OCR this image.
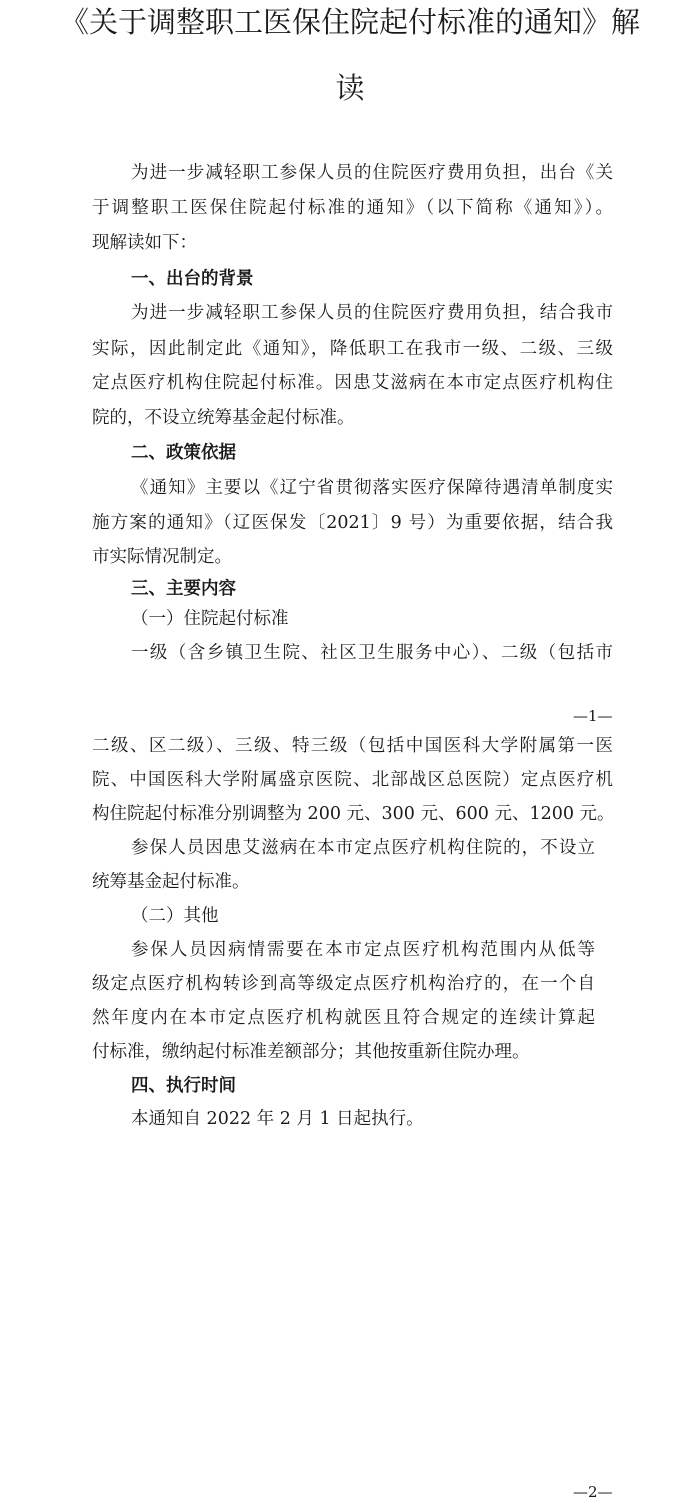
《关于调整职工医保住院起付标准的通知》解
读

为进一步减轻职工参保人员的住院医疗费用负担，出台《关

于调整职工医保住院起付标准的通知》（以下简称《通知》）。

现解读如下：

一、出台的背景

为进一步减轻职工参保人员的住院医疗费用负担，结合我市

实际，因此制定此《通知》，降低职工在我市一级、二级、三级

定点医疗机构住院起付标准。因患艾滋病在本市定点医疗机构住

院的，不设立统筹基金起付标准。

二、政策依据

《通知》主要以《辽宁省贯彻落实医疗保障待遇清单制度实

施方案的通知》（辽医保发〔2021〕9 号）为重要依据，结合我

市实际情况制定。

三、主要内容

（一）住院起付标准

一级（含乡镇卫生院、社区卫生服务中心）、二级（包括市

—1—

二级、区二级）、三级、特三级（包括中国医科大学附属第一医

院、中国医科大学附属盛京医院、北部战区总医院）定点医疗机

构住院起付标准分别调整为 200 元、300 元、600 元、1200 元。

参保人员因患艾滋病在本市定点医疗机构住院的，不设立

统筹基金起付标准。

（二）其他

参保人员因病情需要在本市定点医疗机构范围内从低等

级定点医疗机构转诊到高等级定点医疗机构治疗的，在一个自

然年度内在本市定点医疗机构就医且符合规定的连续计算起

付标准，缴纳起付标准差额部分；其他按重新住院办理。

四、执行时间

本通知自 2022 年 2 月 1 日起执行。

—2—
